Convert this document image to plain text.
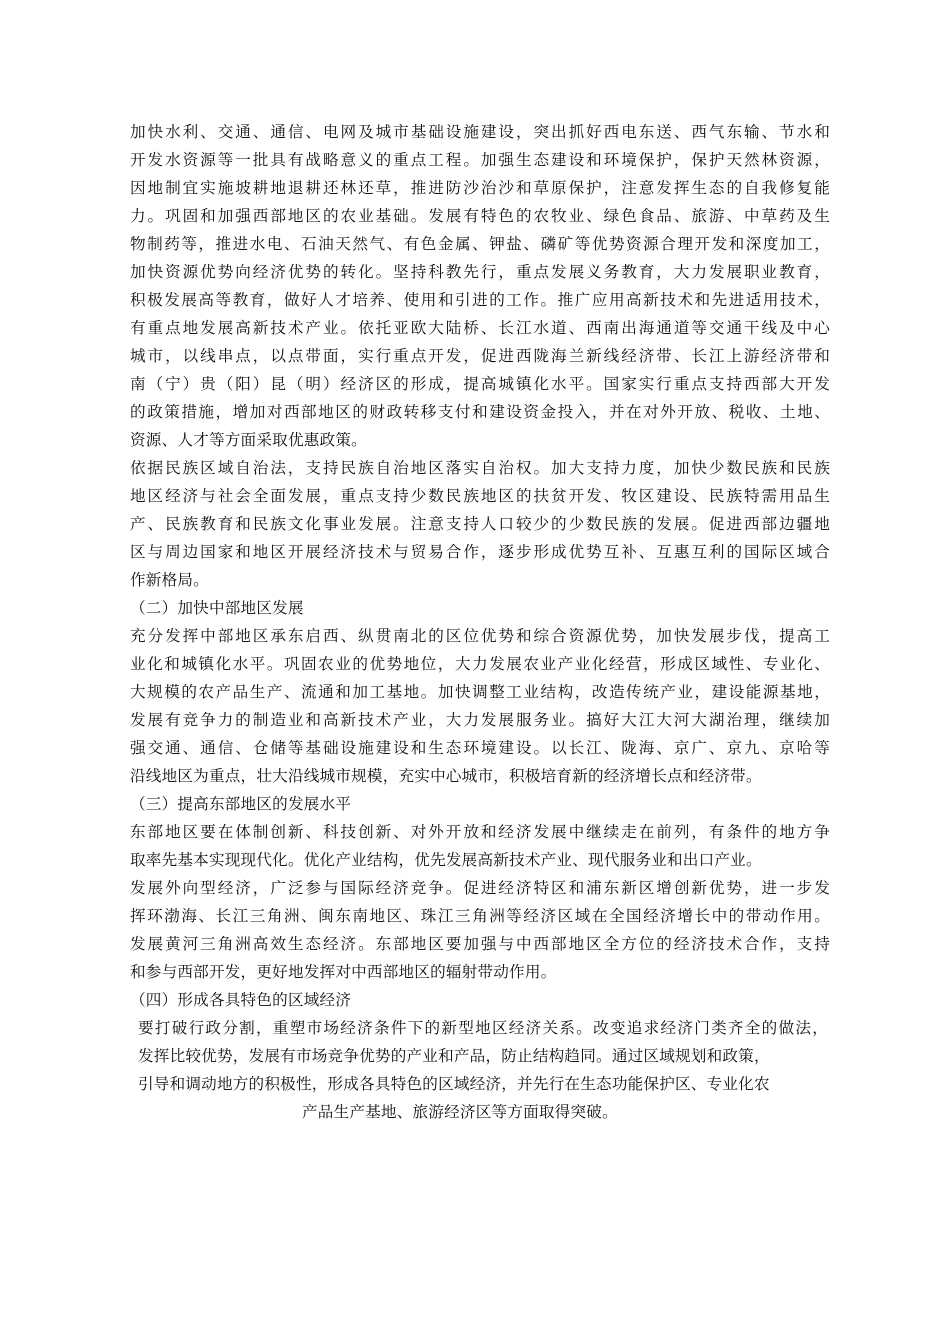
加快水利、交通、通信、电网及城市基础设施建设，突出抓好西电东送、西气东输、节水和
开发水资源等一批具有战略意义的重点工程。加强生态建设和环境保护，保护天然林资源，
因地制宜实施坡耕地退耕还林还草，推进防沙治沙和草原保护，注意发挥生态的自我修复能
力。巩固和加强西部地区的农业基础。发展有特色的农牧业、绿色食品、旅游、中草药及生
物制药等，推进水电、石油天然气、有色金属、钾盐、磷矿等优势资源合理开发和深度加工，
加快资源优势向经济优势的转化。坚持科教先行，重点发展义务教育，大力发展职业教育，
积极发展高等教育，做好人才培养、使用和引进的工作。推广应用高新技术和先进适用技术，
有重点地发展高新技术产业。依托亚欧大陆桥、长江水道、西南出海通道等交通干线及中心
城市，以线串点，以点带面，实行重点开发，促进西陇海兰新线经济带、长江上游经济带和
南（宁）贵（阳）昆（明）经济区的形成，提高城镇化水平。国家实行重点支持西部大开发
的政策措施，增加对西部地区的财政转移支付和建设资金投入，并在对外开放、税收、土地、
资源、人才等方面采取优惠政策。
依据民族区域自治法，支持民族自治地区落实自治权。加大支持力度，加快少数民族和民族
地区经济与社会全面发展，重点支持少数民族地区的扶贫开发、牧区建设、民族特需用品生
产、民族教育和民族文化事业发展。注意支持人口较少的少数民族的发展。促进西部边疆地
区与周边国家和地区开展经济技术与贸易合作，逐步形成优势互补、互惠互利的国际区域合
作新格局。
（二）加快中部地区发展
充分发挥中部地区承东启西、纵贯南北的区位优势和综合资源优势，加快发展步伐，提高工
业化和城镇化水平。巩固农业的优势地位，大力发展农业产业化经营，形成区域性、专业化、
大规模的农产品生产、流通和加工基地。加快调整工业结构，改造传统产业，建设能源基地，
发展有竞争力的制造业和高新技术产业，大力发展服务业。搞好大江大河大湖治理，继续加
强交通、通信、仓储等基础设施建设和生态环境建设。以长江、陇海、京广、京九、京哈等
沿线地区为重点，壮大沿线城市规模，充实中心城市，积极培育新的经济增长点和经济带。
（三）提高东部地区的发展水平
东部地区要在体制创新、科技创新、对外开放和经济发展中继续走在前列，有条件的地方争
取率先基本实现现代化。优化产业结构，优先发展高新技术产业、现代服务业和出口产业。
发展外向型经济，广泛参与国际经济竞争。促进经济特区和浦东新区增创新优势，进一步发
挥环渤海、长江三角洲、闽东南地区、珠江三角洲等经济区域在全国经济增长中的带动作用。
发展黄河三角洲高效生态经济。东部地区要加强与中西部地区全方位的经济技术合作，支持
和参与西部开发，更好地发挥对中西部地区的辐射带动作用。
（四）形成各具特色的区域经济
要打破行政分割，重塑市场经济条件下的新型地区经济关系。改变追求经济门类齐全的做法，
发挥比较优势，发展有市场竞争优势的产业和产品，防止结构趋同。通过区域规划和政策，
引导和调动地方的积极性，形成各具特色的区域经济，并先行在生态功能保护区、专业化农
产品生产基地、旅游经济区等方面取得突破。
